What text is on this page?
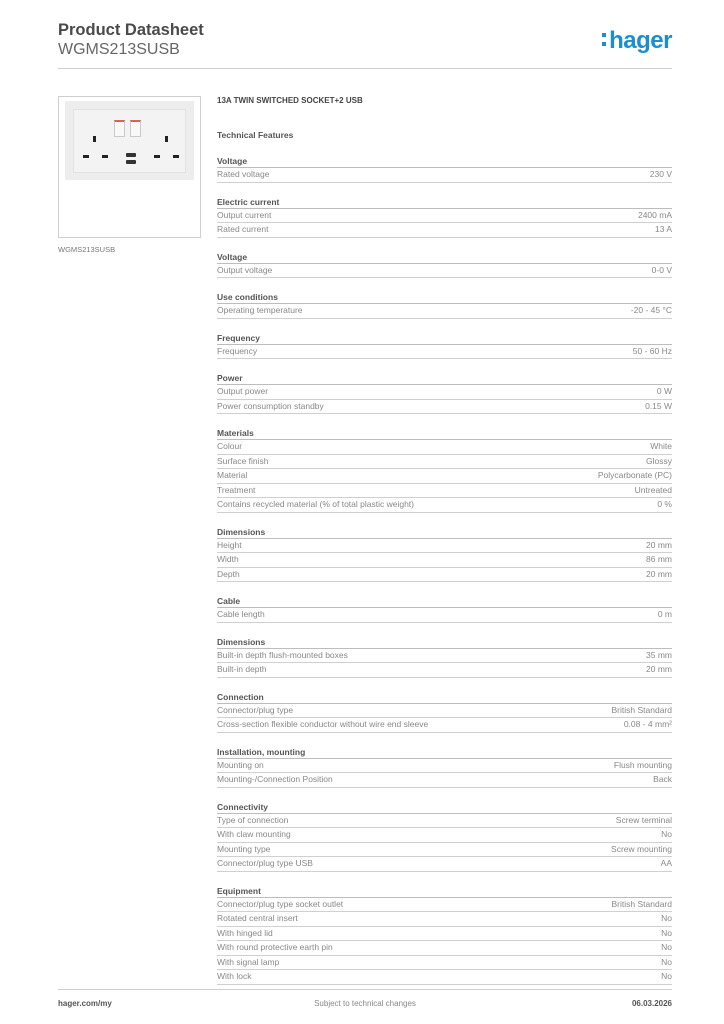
Product Datasheet
WGMS213SUSB	hager
WGMS213SUSB
13A TWIN SWITCHED SOCKET+2 USB
Technical Features
Voltage
Rated voltage	230 V
Electric current
Output current	2400 mA
Rated current	13 A
Voltage
Output voltage	0-0 V
Use conditions
Operating temperature	-20 - 45 °C
Frequency
Frequency	50 - 60 Hz
Power
Output power	0 W
Power consumption standby	0.15 W
Materials
Colour	White
Surface finish	Glossy
Material	Polycarbonate (PC)
Treatment	Untreated
Contains recycled material (% of total plastic weight)	0 %
Dimensions
Height	20 mm
Width	86 mm
Depth	20 mm
Cable
Cable length	0 m
Dimensions
Built-in depth flush-mounted boxes	35 mm
Built-in depth	20 mm
Connection
Connector/plug type	British Standard
Cross-section flexible conductor without wire end sleeve	0.08 - 4 mm²
Installation, mounting
Mounting on	Flush mounting
Mounting-/Connection Position	Back
Connectivity
Type of connection	Screw terminal
With claw mounting	No
Mounting type	Screw mounting
Connector/plug type USB	AA
Equipment
Connector/plug type socket outlet	British Standard
Rotated central insert	No
With hinged lid	No
With round protective earth pin	No
With signal lamp	No
With lock	No
hager.com/my	Subject to technical changes	06.03.2026
